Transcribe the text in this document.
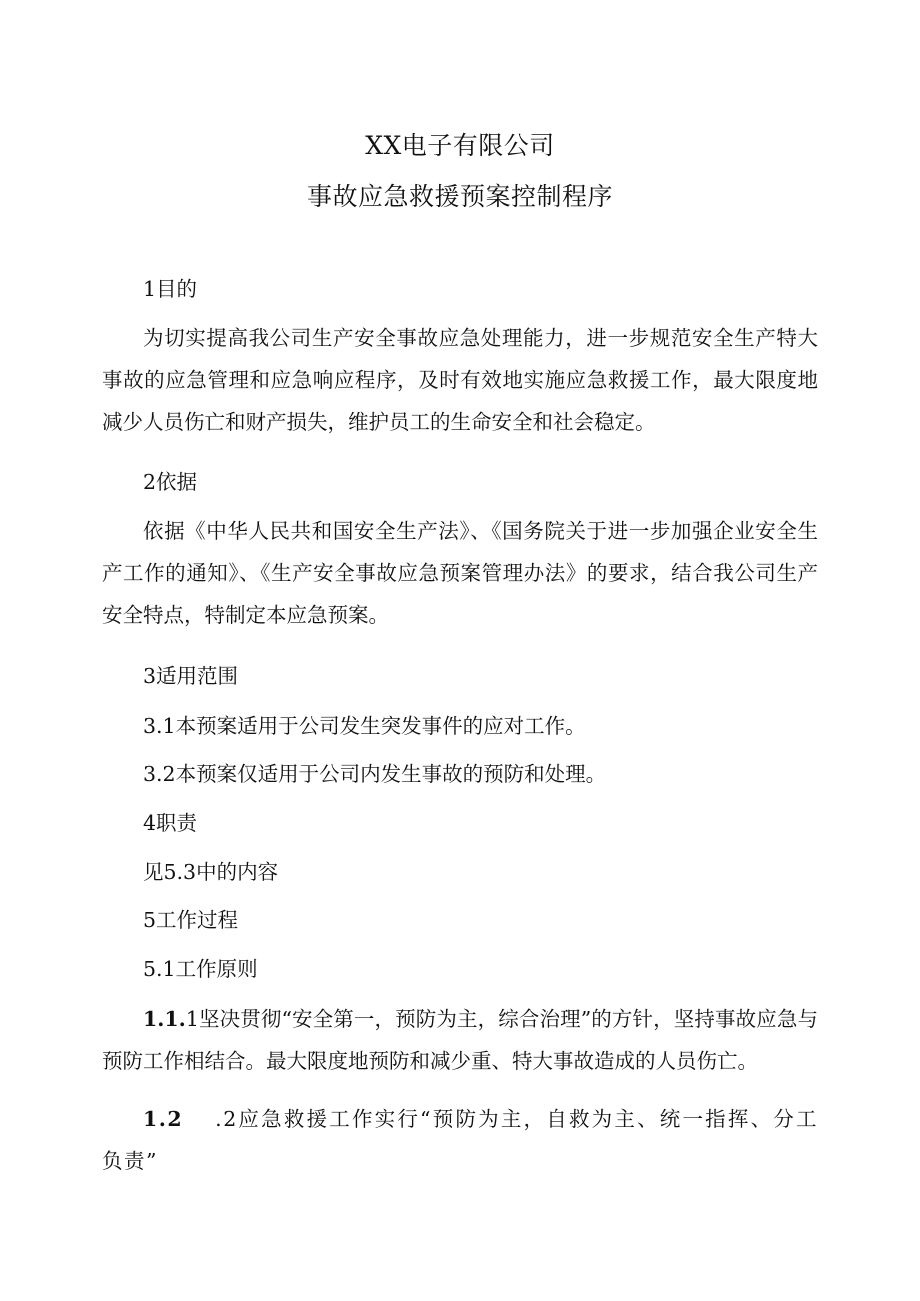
XX电子有限公司
事故应急救援预案控制程序
1目的
为切实提高我公司生产安全事故应急处理能力，进一步规范安全生产特大事故的应急管理和应急响应程序，及时有效地实施应急救援工作，最大限度地减少人员伤亡和财产损失，维护员工的生命安全和社会稳定。
2依据
依据《中华人民共和国安全生产法》、《国务院关于进一步加强企业安全生产工作的通知》、《生产安全事故应急预案管理办法》的要求，结合我公司生产安全特点，特制定本应急预案。
3适用范围
3.1本预案适用于公司发生突发事件的应对工作。
3.2本预案仅适用于公司内发生事故的预防和处理。
4职责
见5.3中的内容
5工作过程
5.1工作原则
1.1.1坚决贯彻“安全第一，预防为主，综合治理”的方针，坚持事故应急与预防工作相结合。最大限度地预防和减少重、特大事故造成的人员伤亡。
1.2 .2应急救援工作实行“预防为主，自救为主、统一指挥、分工负责”
